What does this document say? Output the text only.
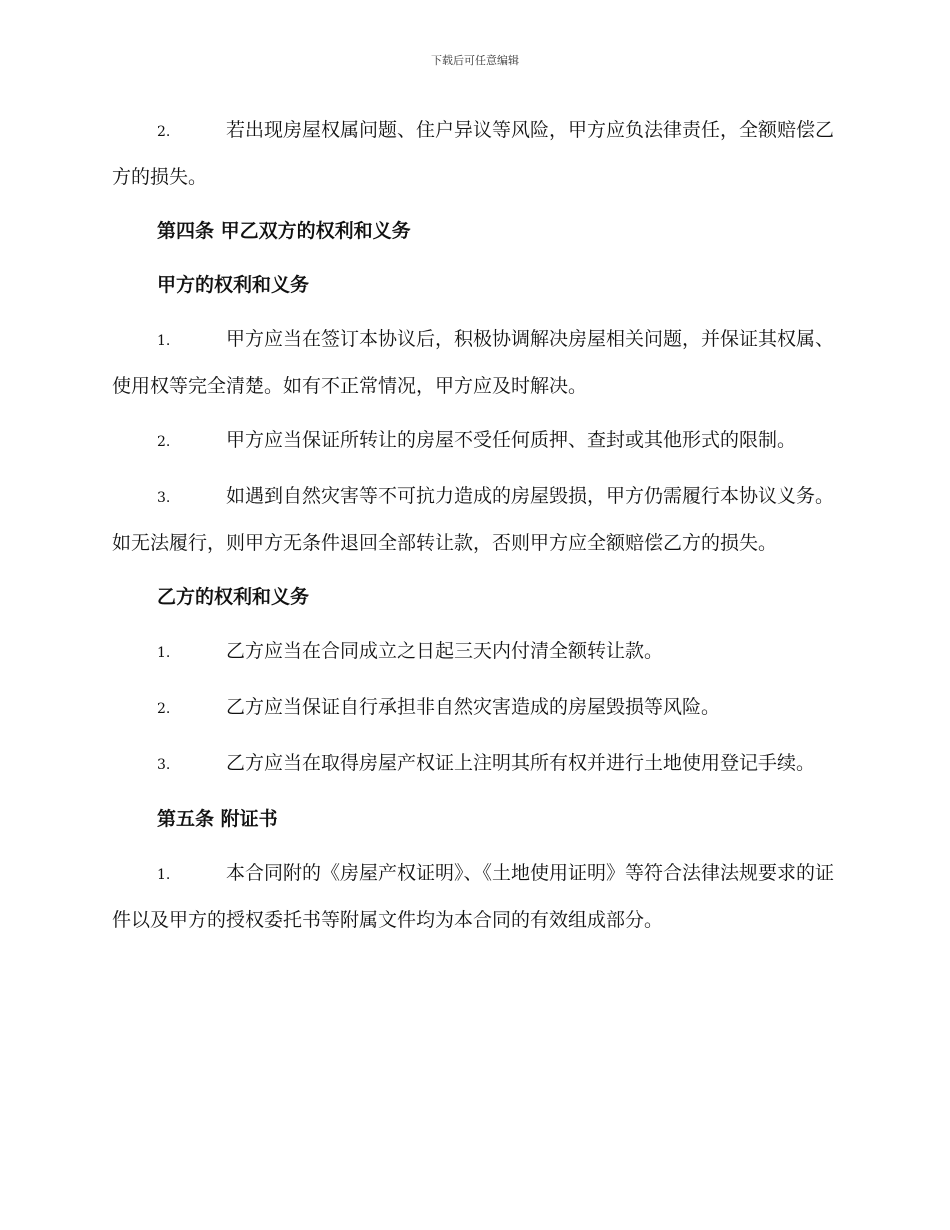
下载后可任意编辑

2.	若出现房屋权属问题、住户异议等风险，甲方应负法律责任，全额赔偿乙方的损失。

第四条 甲乙双方的权利和义务
甲方的权利和义务

1.	甲方应当在签订本协议后，积极协调解决房屋相关问题，并保证其权属、使用权等完全清楚。如有不正常情况，甲方应及时解决。

2.	甲方应当保证所转让的房屋不受任何质押、查封或其他形式的限制。

3.	如遇到自然灾害等不可抗力造成的房屋毁损，甲方仍需履行本协议义务。如无法履行，则甲方无条件退回全部转让款，否则甲方应全额赔偿乙方的损失。

乙方的权利和义务

1.	乙方应当在合同成立之日起三天内付清全额转让款。

2.	乙方应当保证自行承担非自然灾害造成的房屋毁损等风险。

3.	乙方应当在取得房屋产权证上注明其所有权并进行土地使用登记手续。

第五条 附证书

1.	本合同附的《房屋产权证明》、《土地使用证明》等符合法律法规要求的证件以及甲方的授权委托书等附属文件均为本合同的有效组成部分。
